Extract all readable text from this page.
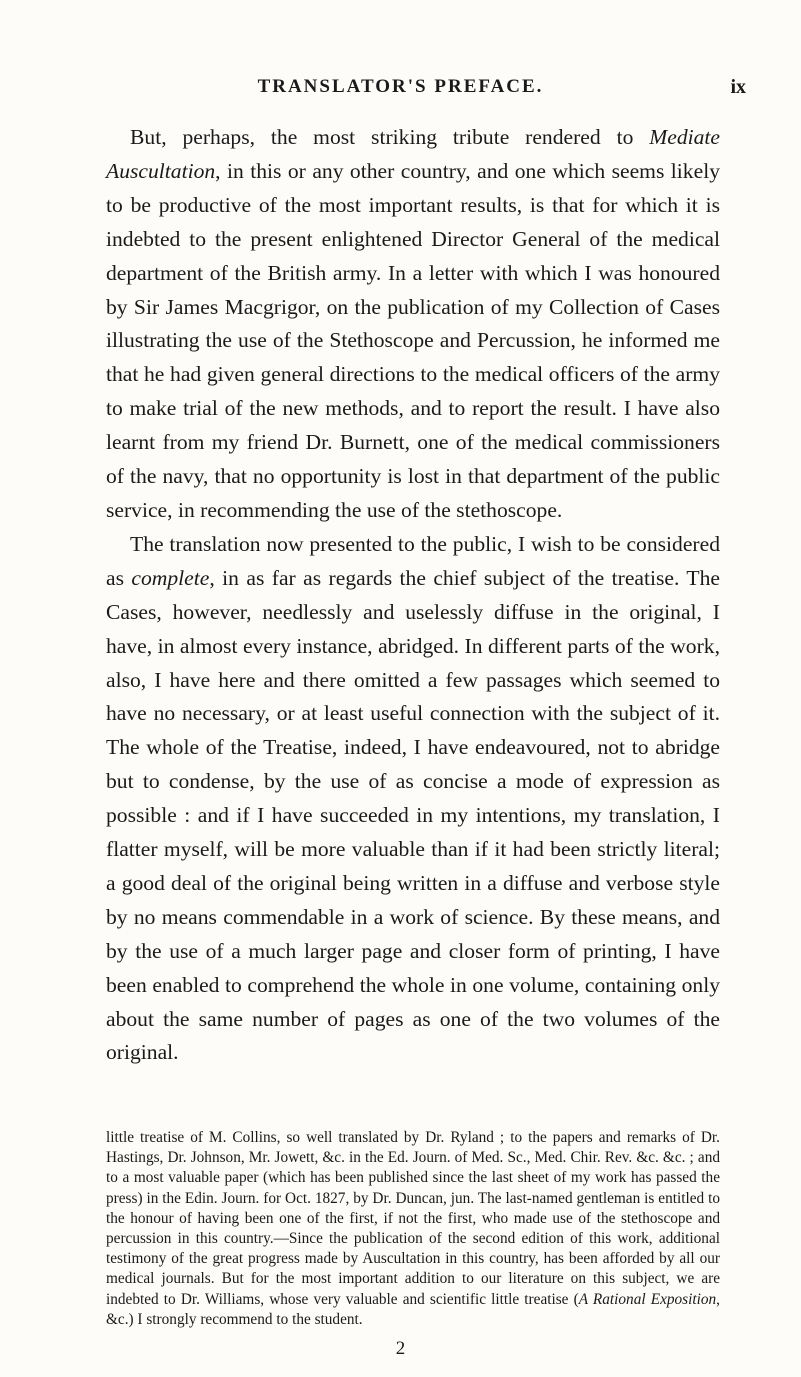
TRANSLATOR'S PREFACE.	ix

But, perhaps, the most striking tribute rendered to Mediate Auscultation, in this or any other country, and one which seems likely to be productive of the most important results, is that for which it is indebted to the present enlightened Director General of the medical department of the British army. In a letter with which I was honoured by Sir James Macgrigor, on the publication of my Collection of Cases illustrating the use of the Stethoscope and Percussion, he informed me that he had given general directions to the medical officers of the army to make trial of the new methods, and to report the result. I have also learnt from my friend Dr. Burnett, one of the medical commissioners of the navy, that no opportunity is lost in that department of the public service, in recommending the use of the stethoscope.

The translation now presented to the public, I wish to be considered as complete, in as far as regards the chief subject of the treatise. The Cases, however, needlessly and uselessly diffuse in the original, I have, in almost every instance, abridged. In different parts of the work, also, I have here and there omitted a few passages which seemed to have no necessary, or at least useful connection with the subject of it. The whole of the Treatise, indeed, I have endeavoured, not to abridge but to condense, by the use of as concise a mode of expression as possible : and if I have succeeded in my intentions, my translation, I flatter myself, will be more valuable than if it had been strictly literal; a good deal of the original being written in a diffuse and verbose style by no means commendable in a work of science. By these means, and by the use of a much larger page and closer form of printing, I have been enabled to comprehend the whole in one volume, containing only about the same number of pages as one of the two volumes of the original.

little treatise of M. Collins, so well translated by Dr. Ryland ; to the papers and remarks of Dr. Hastings, Dr. Johnson, Mr. Jowett, &c. in the Ed. Journ. of Med. Sc., Med. Chir. Rev. &c. &c. ; and to a most valuable paper (which has been published since the last sheet of my work has passed the press) in the Edin. Journ. for Oct. 1827, by Dr. Duncan, jun. The last-named gentleman is entitled to the honour of having been one of the first, if not the first, who made use of the stethoscope and percussion in this country.—Since the publication of the second edition of this work, additional testimony of the great progress made by Auscultation in this country, has been afforded by all our medical journals. But for the most important addition to our literature on this subject, we are indebted to Dr. Williams, whose very valuable and scientific little treatise (A Rational Exposition, &c.) I strongly recommend to the student.

2
